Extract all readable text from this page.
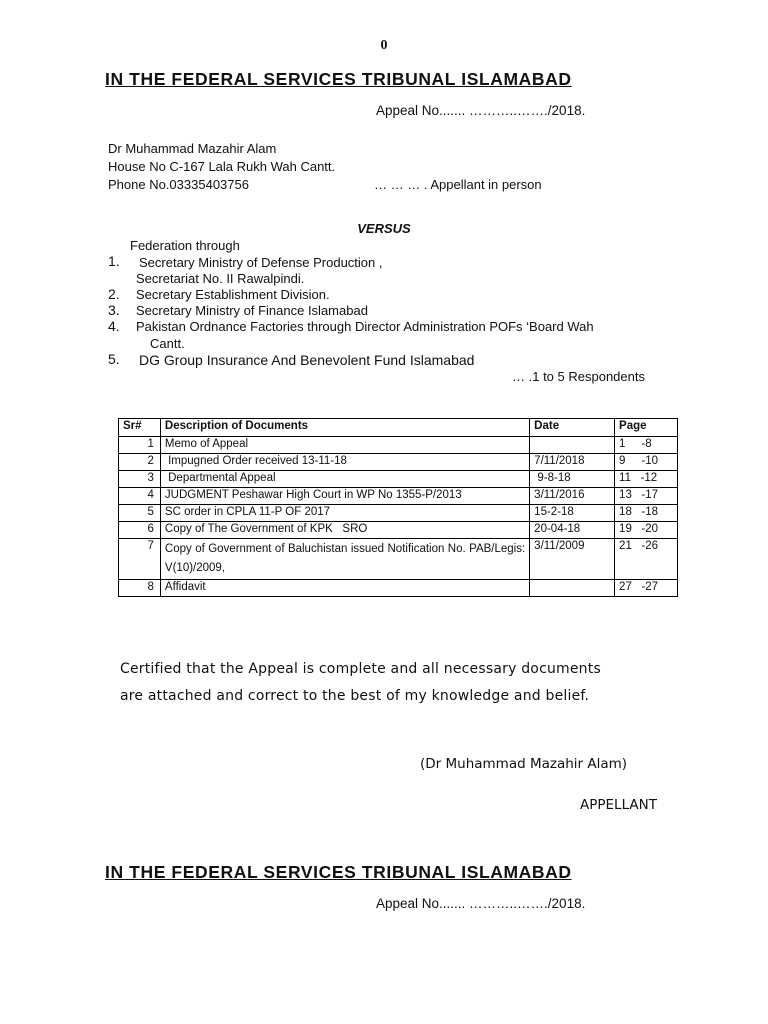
0
IN THE FEDERAL SERVICES TRIBUNAL ISLAMABAD
Appeal No....... ………..……./2018.
Dr Muhammad Mazahir Alam
House No C-167 Lala Rukh Wah Cantt.
Phone No.03335403756	… … … . Appellant in person
VERSUS
Federation through
1. Secretary Ministry of Defense Production ,
Secretariat No. II Rawalpindi.
2. Secretary Establishment Division.
3. Secretary Ministry of Finance Islamabad
4. Pakistan Ordnance Factories through Director Administration POFs ‘Board Wah
Cantt.
5. DG Group Insurance And Benevolent Fund Islamabad
… .1 to 5 Respondents
Sr#	Description of Documents	Date	Page
1	Memo of Appeal		1     -8
2	Impugned Order received 13-11-18	7/11/2018	9     -10
3	Departmental Appeal	9-8-18	11   -12
4	JUDGMENT Peshawar High Court in WP No 1355-P/2013	3/11/2016	13   -17
5	SC order in CPLA 11-P OF 2017	15-2-18	18   -18
6	Copy of The Government of KPK   SRO	20-04-18	19   -20
7	Copy of Government of Baluchistan issued Notification No. PAB/Legis: V(10)/2009,	3/11/2009	21   -26
8	Affidavit		27   -27
Certified that the Appeal is complete and all necessary documents
are attached and correct to the best of my knowledge and belief.
(Dr Muhammad Mazahir Alam)
APPELLANT
IN THE FEDERAL SERVICES TRIBUNAL ISLAMABAD
Appeal No....... ………..……./2018.
